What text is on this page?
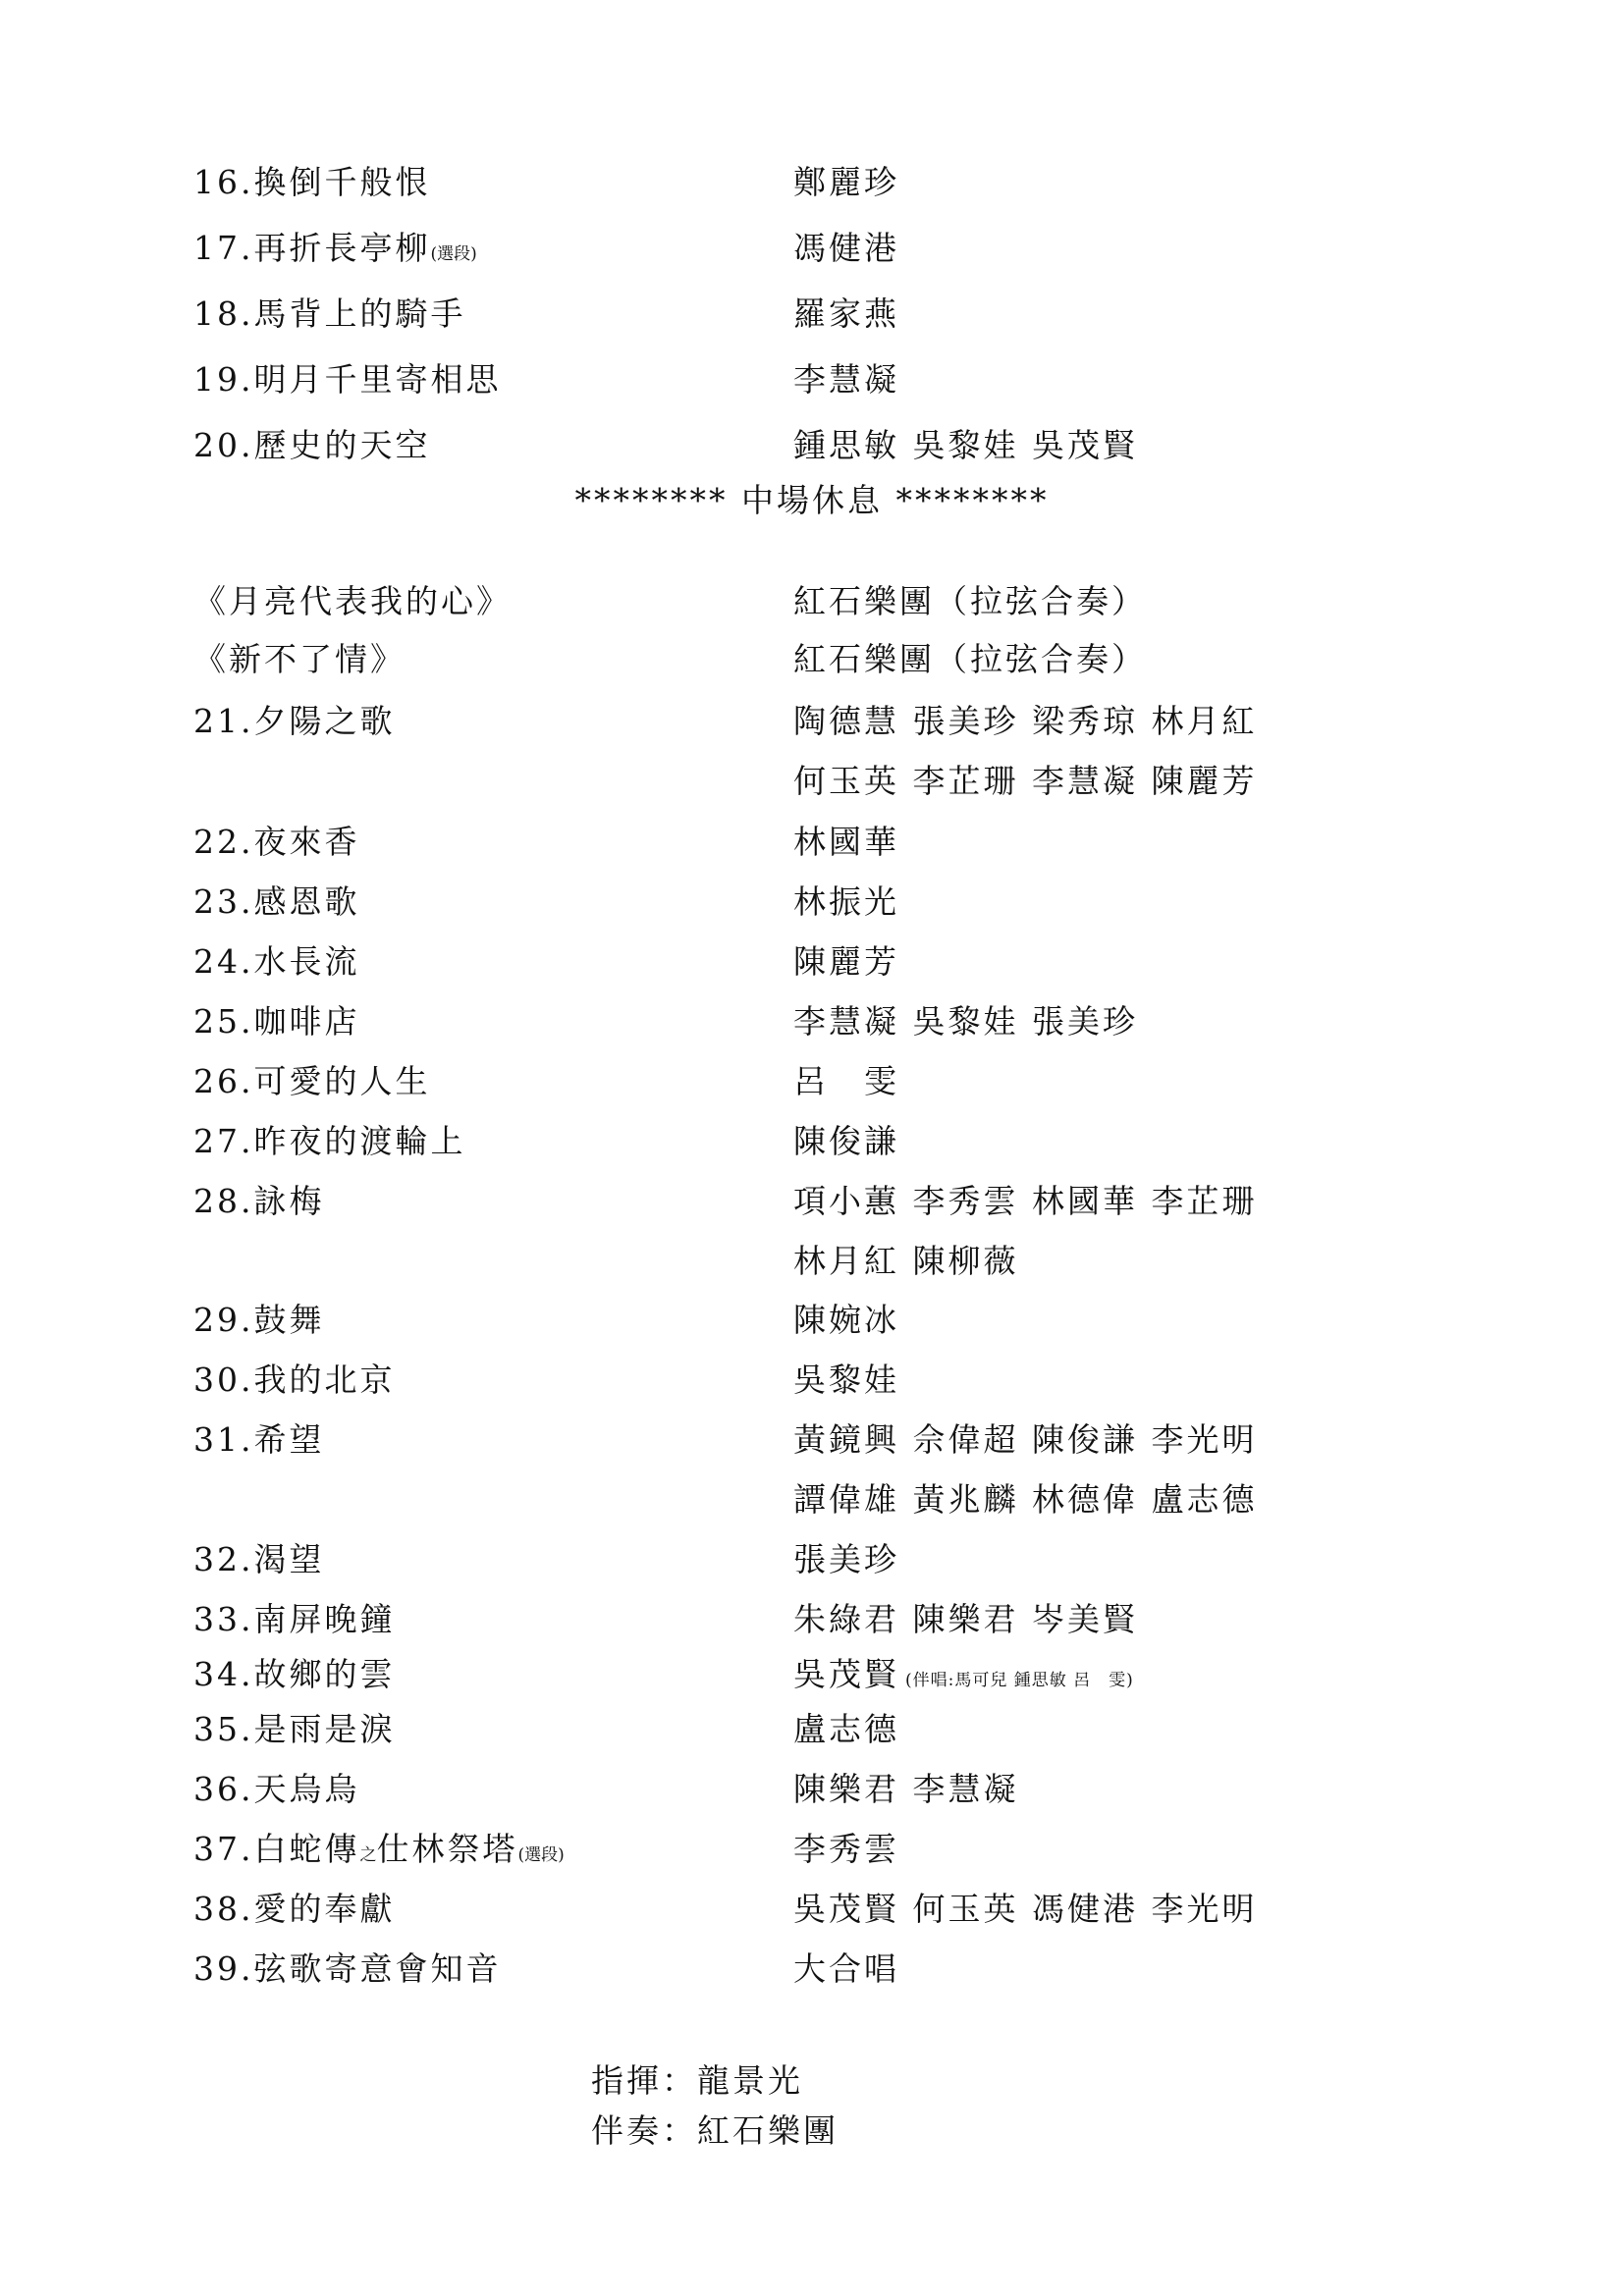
16.換倒千般恨	鄭麗珍
17.再折長亭柳(選段)	馮健港
18.馬背上的騎手	羅家燕
19.明月千里寄相思	李慧凝
20.歷史的天空	鍾思敏 吳黎娃 吳茂賢
******** 中場休息 ********
《月亮代表我的心》	紅石樂團（拉弦合奏）
《新不了情》	紅石樂團（拉弦合奏）
21.夕陽之歌	陶德慧 張美珍 梁秀琼 林月紅
何玉英 李芷珊 李慧凝 陳麗芳
22.夜來香	林國華
23.感恩歌	林振光
24.水長流	陳麗芳
25.咖啡店	李慧凝 吳黎娃 張美珍
26.可愛的人生	呂　雯
27.昨夜的渡輪上	陳俊謙
28.詠梅	項小蕙 李秀雲 林國華 李芷珊
林月紅 陳柳薇
29.鼓舞	陳婉冰
30.我的北京	吳黎娃
31.希望	黃鏡興 佘偉超 陳俊謙 李光明
譚偉雄 黃兆麟 林德偉 盧志德
32.渴望	張美珍
33.南屏晚鐘	朱綠君 陳樂君 岑美賢
34.故鄉的雲	吳茂賢 (伴唱:馬可兒 鍾思敏 呂　雯)
35.是雨是淚	盧志德
36.天烏烏	陳樂君 李慧凝
37.白蛇傳之仕林祭塔(選段)	李秀雲
38.愛的奉獻	吳茂賢 何玉英 馮健港 李光明
39.弦歌寄意會知音	大合唱
指揮：龍景光
伴奏：紅石樂團
